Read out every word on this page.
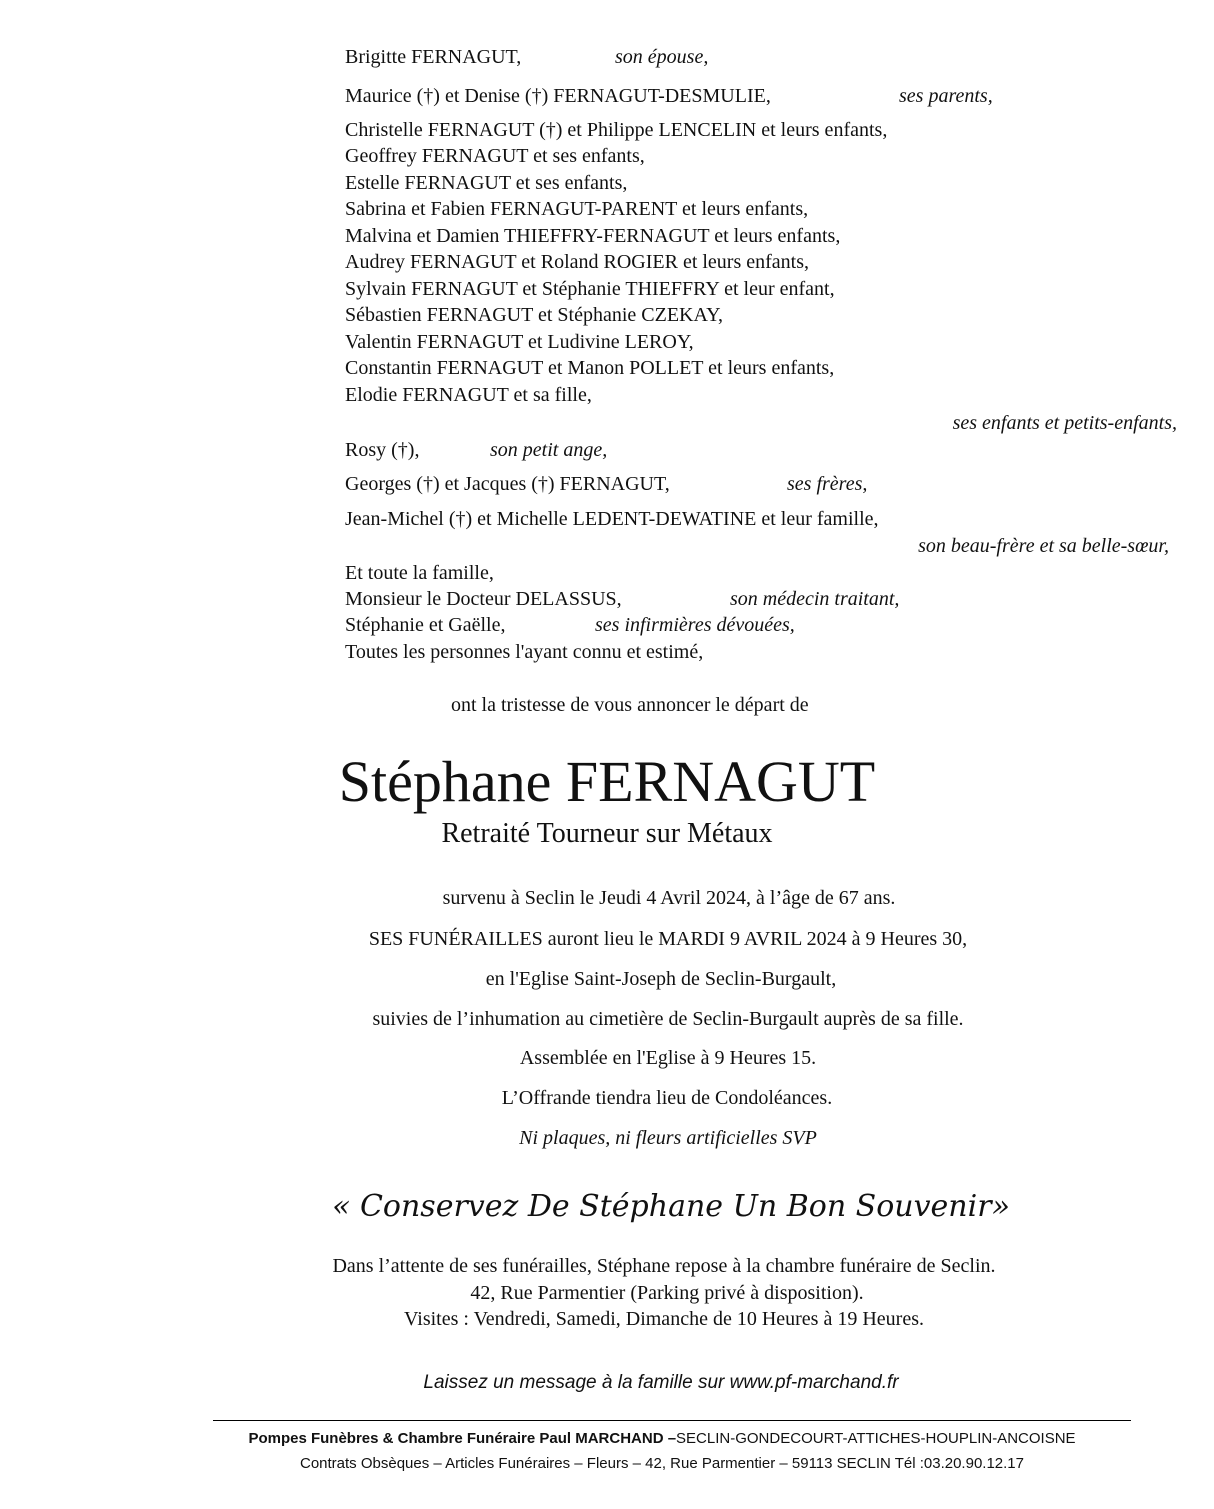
Brigitte FERNAGUT,	son épouse,
Maurice (†) et Denise (†) FERNAGUT-DESMULIE,	ses parents,
Christelle FERNAGUT (†) et Philippe LENCELIN et leurs enfants,
Geoffrey FERNAGUT et ses enfants,
Estelle FERNAGUT et ses enfants,
Sabrina et Fabien FERNAGUT-PARENT et leurs enfants,
Malvina et Damien THIEFFRY-FERNAGUT et leurs enfants,
Audrey FERNAGUT et Roland ROGIER et leurs enfants,
Sylvain FERNAGUT et Stéphanie THIEFFRY et leur enfant,
Sébastien FERNAGUT et Stéphanie CZEKAY,
Valentin FERNAGUT et Ludivine LEROY,
Constantin FERNAGUT et Manon POLLET et leurs enfants,
Elodie FERNAGUT et sa fille,
ses enfants et petits-enfants,
Rosy (†),	son petit ange,
Georges (†) et Jacques (†) FERNAGUT,	ses frères,
Jean-Michel (†) et Michelle LEDENT-DEWATINE et leur famille,
son beau-frère et sa belle-sœur,
Et toute la famille,
Monsieur le Docteur DELASSUS,	son médecin traitant,
Stéphanie et Gaëlle,	ses infirmières dévouées,
Toutes les personnes l'ayant connu et estimé,
ont la tristesse de vous annoncer le départ de
Stéphane FERNAGUT
Retraité Tourneur sur Métaux
survenu à Seclin le Jeudi 4 Avril 2024, à l’âge de 67 ans.
SES FUNÉRAILLES auront lieu le MARDI 9 AVRIL 2024 à 9 Heures 30,
en l'Eglise Saint-Joseph de Seclin-Burgault,
suivies de l’inhumation au cimetière de Seclin-Burgault auprès de sa fille.
Assemblée en l'Eglise à 9 Heures 15.
L’Offrande tiendra lieu de Condoléances.
Ni plaques, ni fleurs artificielles SVP
« Conservez De Stéphane Un Bon Souvenir»
Dans l’attente de ses funérailles, Stéphane repose à la chambre funéraire de Seclin.
42, Rue Parmentier (Parking privé à disposition).
Visites : Vendredi, Samedi, Dimanche de 10 Heures à 19 Heures.
Laissez un message à la famille sur www.pf-marchand.fr
Pompes Funèbres & Chambre Funéraire Paul MARCHAND –SECLIN-GONDECOURT-ATTICHES-HOUPLIN-ANCOISNE
Contrats Obsèques – Articles Funéraires – Fleurs – 42, Rue Parmentier – 59113 SECLIN Tél :03.20.90.12.17
